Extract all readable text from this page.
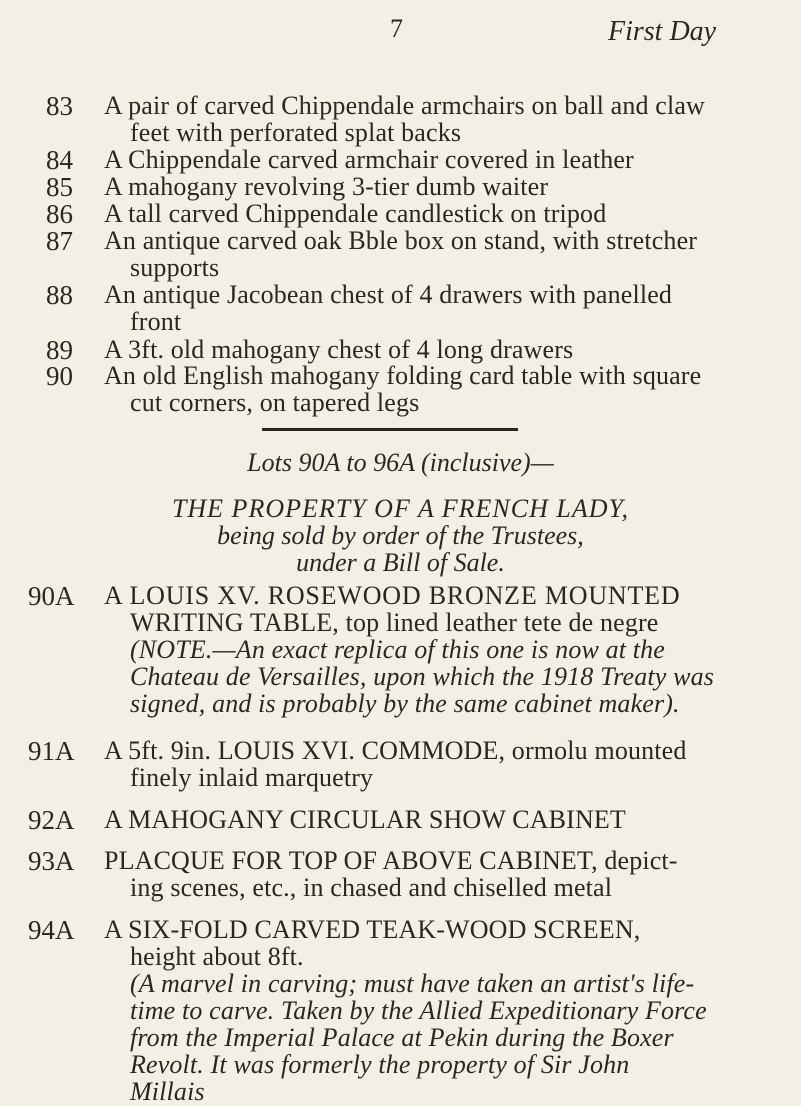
7	First Day
83 A pair of carved Chippendale armchairs on ball and claw
feet with perforated splat backs
84 A Chippendale carved armchair covered in leather
85 A mahogany revolving 3-tier dumb waiter
86 A tall carved Chippendale candlestick on tripod
87 An antique carved oak Bble box on stand, with stretcher
supports
88 An antique Jacobean chest of 4 drawers with panelled
front
89 A 3ft. old mahogany chest of 4 long drawers
90 An old English mahogany folding card table with square
cut corners, on tapered legs
Lots 90A to 96A (inclusive)—
THE PROPERTY OF A FRENCH LADY,
being sold by order of the Trustees,
under a Bill of Sale.
90A A LOUIS XV. ROSEWOOD BRONZE MOUNTED
WRITING TABLE, top lined leather tete de negre
(NOTE.—An exact replica of this one is now at the
Chateau de Versailles, upon which the 1918 Treaty was
signed, and is probably by the same cabinet maker).
91A A 5ft. 9in. LOUIS XVI. COMMODE, ormolu mounted
finely inlaid marquetry
92A A MAHOGANY CIRCULAR SHOW CABINET
93A PLACQUE FOR TOP OF ABOVE CABINET, depict-
ing scenes, etc., in chased and chiselled metal
94A A SIX-FOLD CARVED TEAK-WOOD SCREEN,
height about 8ft.
(A marvel in carving; must have taken an artist's life-
time to carve. Taken by the Allied Expeditionary Force
from the Imperial Palace at Pekin during the Boxer
Revolt. It was formerly the property of Sir John
Millais
